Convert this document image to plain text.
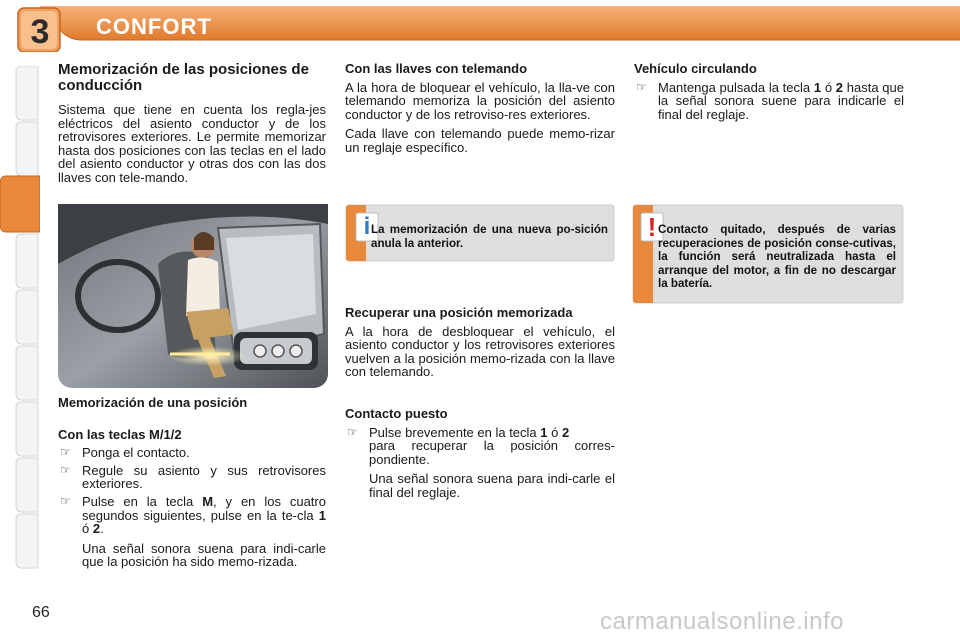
3	CONFORT
Memorización de las posiciones de conducción

Sistema que tiene en cuenta los regla-jes eléctricos del asiento conductor y de los retrovisores exteriores. Le permite memorizar hasta dos posiciones con las teclas en el lado del asiento conductor y otras dos con las dos llaves con tele-mando.

Memorización de una posición
Con las teclas M/1/2
☞ Ponga el contacto.
☞ Regule su asiento y sus retrovisores exteriores.
☞ Pulse en la tecla M, y en los cuatro segundos siguientes, pulse en la te-cla 1 ó 2.
Una señal sonora suena para indi-carle que la posición ha sido memo-rizada.
Con las llaves con telemando

A la hora de bloquear el vehículo, la lla-ve con telemando memoriza la posición del asiento conductor y de los retroviso-res exteriores.

Cada llave con telemando puede memo-rizar un reglaje específico.

i La memorización de una nueva po-sición anula la anterior.
Recuperar una posición memorizada

A la hora de desbloquear el vehículo, el asiento conductor y los retrovisores exteriores vuelven a la posición memo-rizada con la llave con telemando.

Contacto puesto
☞ Pulse brevemente en la tecla 1 ó 2
para recuperar la posición corres-pondiente.
Una señal sonora suena para indi-carle el final del reglaje.
Vehículo circulando
☞ Mantenga pulsada la tecla 1 ó 2 hasta que la señal sonora suene para indicarle el final del reglaje.
! Contacto quitado, después de varias recuperaciones de posición conse-cutivas, la función será neutralizada hasta el arranque del motor, a fin de no descargar la batería.
66	carmanualsonline.info
